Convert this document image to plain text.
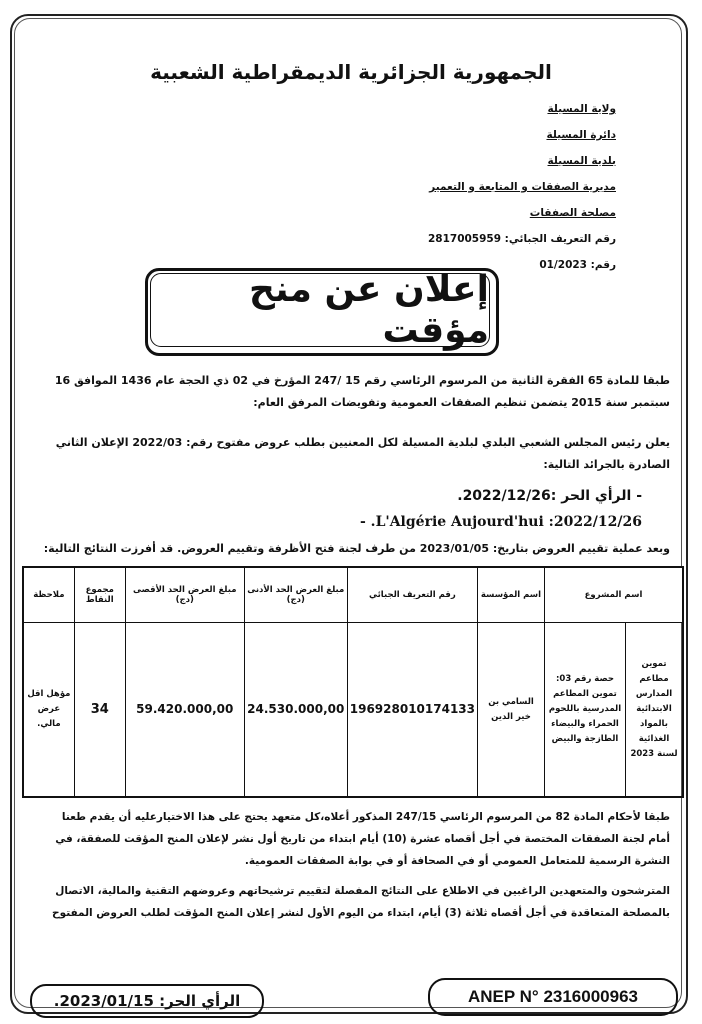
الجمهورية الجزائرية الديمقراطية الشعبية
ولاية المسيلة
دائرة المسيلة
بلدية المسيلة
مديرية الصفقات و المتابعة و التعمير
مصلحة الصفقات
رقم التعريف الجبائي: 2817005959
رقم: 01/2023
إعلان عن منح مؤقت
طبقا للمادة 65 الفقرة الثانية من المرسوم الرئاسي رقم 15 /247 المؤرخ في 02 ذي الحجة عام 1436 الموافق 16 سبتمبر سنة 2015 يتضمن تنظيم الصفقات العمومية وتفويضات المرفق العام:
يعلن رئيس المجلس الشعبي البلدي لبلدية المسيلة لكل المعنيين بطلب عروض مفتوح رقم: 2022/03 الإعلان الثاني الصادرة بالجرائد التالية:
- الرأي الحر :2022/12/26.
L'Algérie Aujourd'hui :2022/12/26. -
وبعد عملية تقييم العروض بتاريخ: 2023/01/05 من طرف لجنة فتح الأظرفة وتقييم العروض. قد أفرزت النتائج التالية:
اسم المشروع		اسم المؤسسة	رقم التعريف الجبائي	مبلغ العرض الحد الأدنى (دج)	مبلغ العرض الحد الأقصى (دج)	مجموع النقاط	ملاحظة
تموين مطاعم المدارس الابتدائية بالمواد الغذائية لسنة 2023	حصة رقم 03: تموين المطاعم المدرسية باللحوم الحمراء والبيضاء الطازجة والبيض	السامي بن خير الدين	196928010174133	24.530.000,00	59.420.000,00	34	مؤهل اقل عرض مالي.
طبقا لأحكام المادة 82 من المرسوم الرئاسي 247/15 المذكور أعلاه،كل متعهد يحتج على هذا الاختيارعليه أن يقدم طعنا أمام لجنة الصفقات المختصة في أجل أقصاه عشرة (10) أيام ابتداء من تاريخ أول نشر لإعلان المنح المؤقت للصفقة، في النشرة الرسمية للمتعامل العمومي أو في الصحافة أو في بوابة الصفقات العمومية.
المترشحون والمتعهدين الراغبين في الاطلاع على النتائج المفصلة لتقييم ترشيحاتهم وعروضهم التقنية والمالية، الاتصال بالمصلحة المتعاقدة في أجل أقصاه ثلاثة (3) أيام، ابتداء من اليوم الأول لنشر إعلان المنح المؤقت لطلب العروض المفتوح
الرأي الحر: 2023/01/15.	ANEP N° 2316000963
